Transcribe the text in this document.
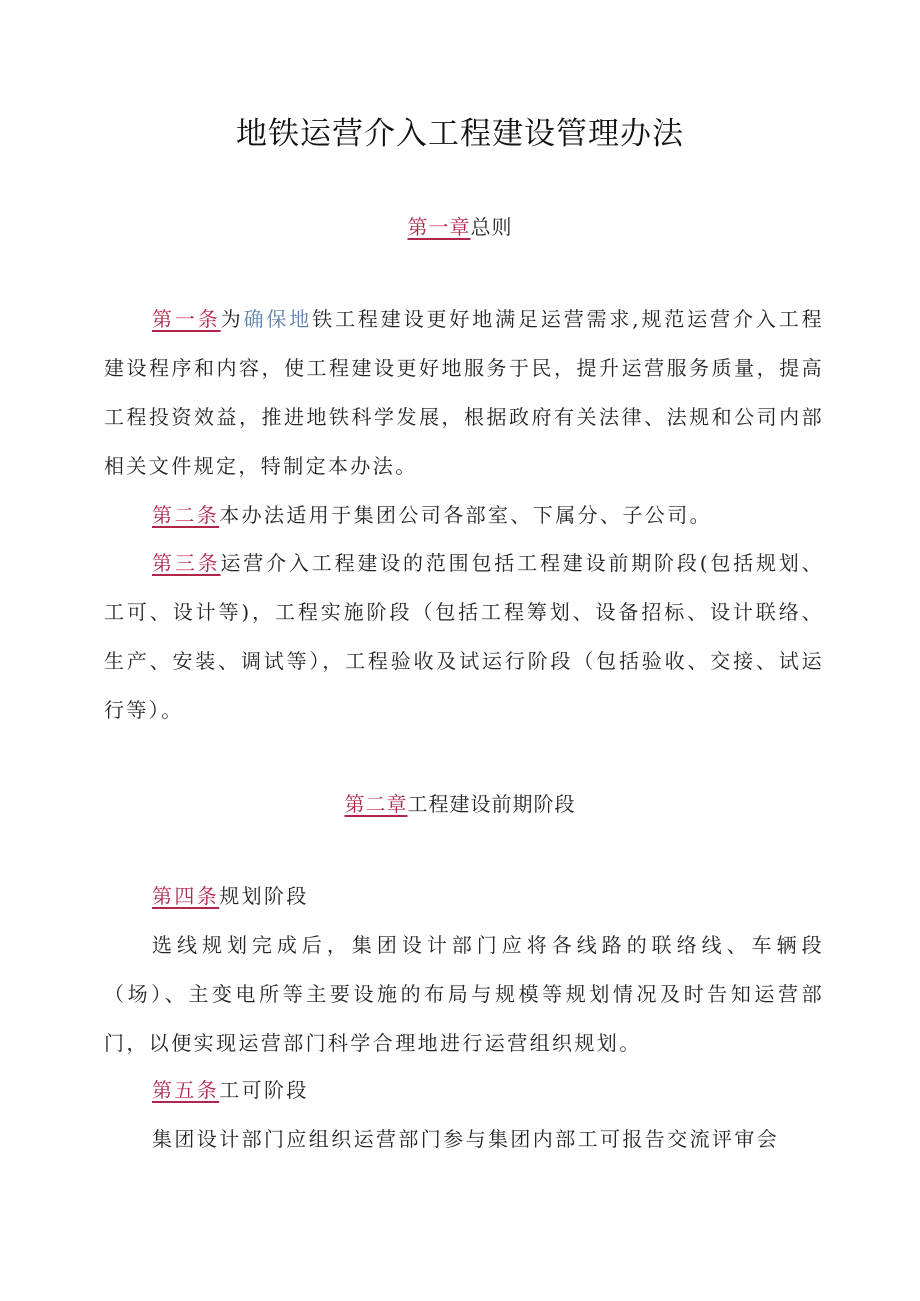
地铁运营介入工程建设管理办法
第一章总则

第一条为确保地铁工程建设更好地满足运营需求,规范运营介入工程建设程序和内容，使工程建设更好地服务于民，提升运营服务质量，提高工程投资效益，推进地铁科学发展，根据政府有关法律、法规和公司内部相关文件规定，特制定本办法。

第二条本办法适用于集团公司各部室、下属分、子公司。

第三条运营介入工程建设的范围包括工程建设前期阶段(包括规划、工可、设计等)，工程实施阶段（包括工程筹划、设备招标、设计联络、生产、安装、调试等），工程验收及试运行阶段（包括验收、交接、试运行等）。

第二章工程建设前期阶段

第四条规划阶段

选线规划完成后，集团设计部门应将各线路的联络线、车辆段（场）、主变电所等主要设施的布局与规模等规划情况及时告知运营部门，以便实现运营部门科学合理地进行运营组织规划。

第五条工可阶段

集团设计部门应组织运营部门参与集团内部工可报告交流评审会
